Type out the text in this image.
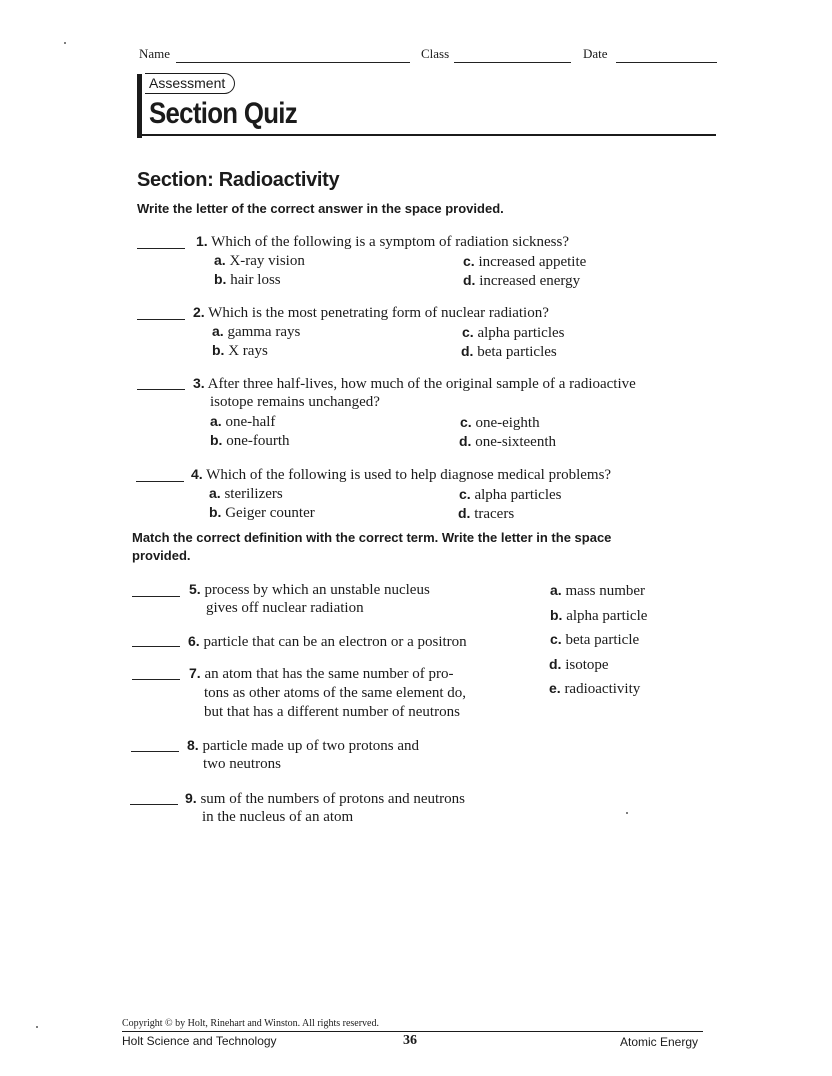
Name	Class	Date
Assessment
Section Quiz
Section: Radioactivity
Write the letter of the correct answer in the space provided.
1. Which of the following is a symptom of radiation sickness?
a. X-ray vision
b. hair loss
c. increased appetite
d. increased energy
2. Which is the most penetrating form of nuclear radiation?
a. gamma rays
b. X rays
c. alpha particles
d. beta particles
3. After three half-lives, how much of the original sample of a radioactive
isotope remains unchanged?
a. one-half
b. one-fourth
c. one-eighth
d. one-sixteenth
4. Which of the following is used to help diagnose medical problems?
a. sterilizers
b. Geiger counter
c. alpha particles
d. tracers
Match the correct definition with the correct term. Write the letter in the space
provided.
5. process by which an unstable nucleus
gives off nuclear radiation
6. particle that can be an electron or a positron
7. an atom that has the same number of pro-
tons as other atoms of the same element do,
but that has a different number of neutrons
8. particle made up of two protons and
two neutrons
9. sum of the numbers of protons and neutrons
in the nucleus of an atom
a. mass number
b. alpha particle
c. beta particle
d. isotope
e. radioactivity
Copyright © by Holt, Rinehart and Winston. All rights reserved.
Holt Science and Technology	36	Atomic Energy
